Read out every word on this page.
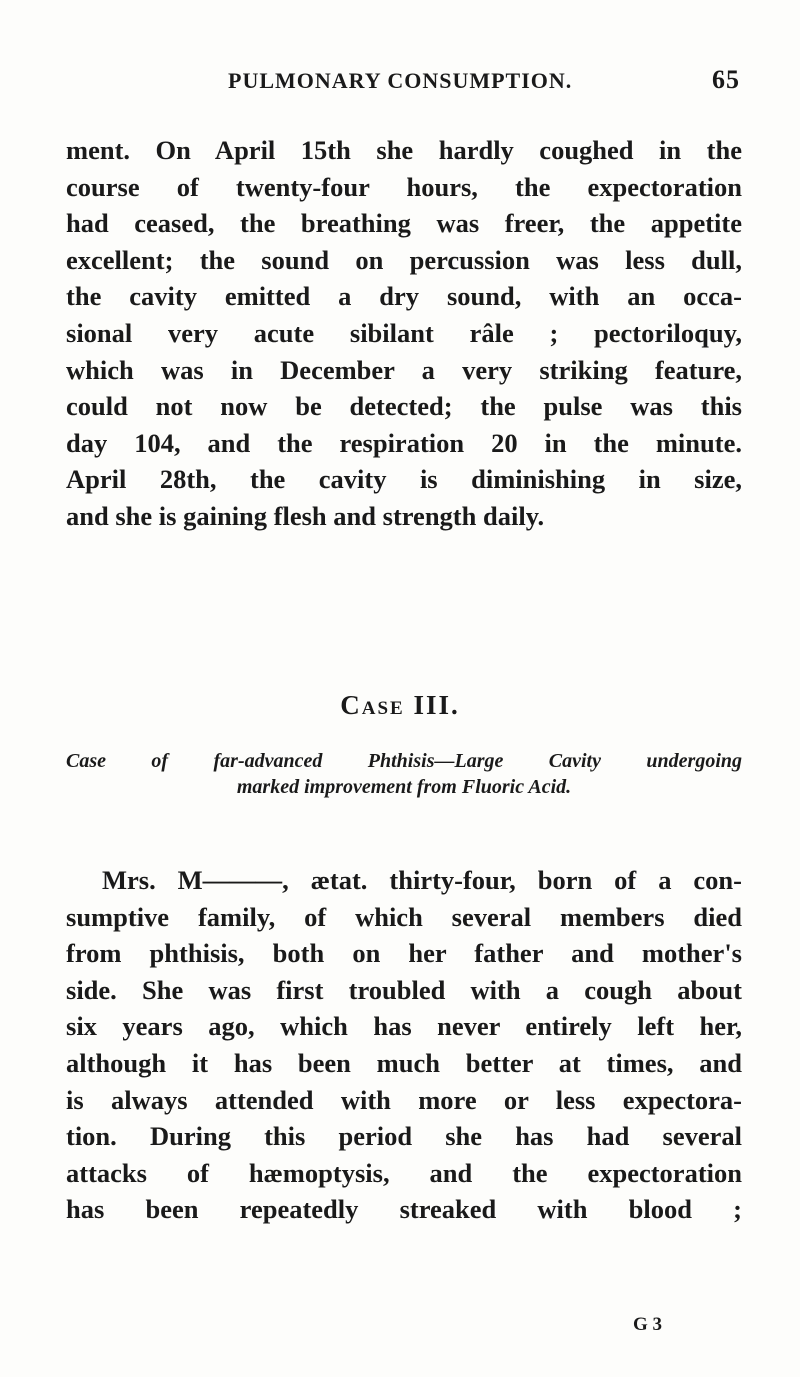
PULMONARY CONSUMPTION.	65
ment. On April 15th she hardly coughed in the
course of twenty-four hours, the expectoration
had ceased, the breathing was freer, the appetite
excellent; the sound on percussion was less dull,
the cavity emitted a dry sound, with an occa-
sional very acute sibilant râle ; pectoriloquy,
which was in December a very striking feature,
could not now be detected; the pulse was this
day 104, and the respiration 20 in the minute.
April 28th, the cavity is diminishing in size,
and she is gaining flesh and strength daily.
Case III.
Case of far-advanced Phthisis—Large Cavity undergoing
marked improvement from Fluoric Acid.
Mrs. M———, ætat. thirty-four, born of a con-
sumptive family, of which several members died
from phthisis, both on her father and mother's
side. She was first troubled with a cough about
six years ago, which has never entirely left her,
although it has been much better at times, and
is always attended with more or less expectora-
tion. During this period she has had several
attacks of hæmoptysis, and the expectoration
has been repeatedly streaked with blood ;
G 3
